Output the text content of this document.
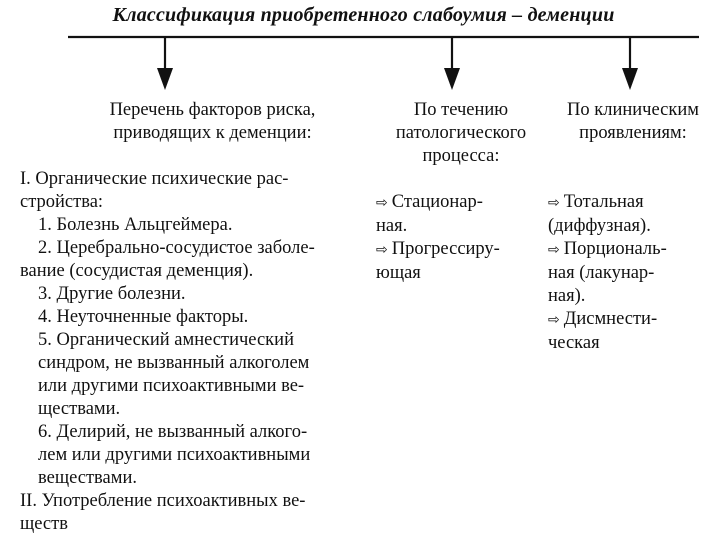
Классификация приобретенного слабоумия – деменции
Перечень факторов риска,
приводящих к деменции:
I. Органические психические рас-
стройства:
1. Болезнь Альцгеймера.
2. Церебрально-сосудистое заболе-
вание (сосудистая деменция).
3. Другие болезни.
4. Неуточненные факторы.
5. Органический амнестический
синдром, не вызванный алкоголем
или другими психоактивными ве-
ществами.
6. Делирий, не вызванный алкого-
лем или другими психоактивными
веществами.
II. Употребление психоактивных ве-
ществ
По течению
патологического
процесса:
⇨ Стационар-
ная.
⇨ Прогрессиру-
ющая
По клиническим
проявлениям:
⇨ Тотальная
(диффузная).
⇨ Порциональ-
ная (лакунар-
ная).
⇨ Дисмнести-
ческая
